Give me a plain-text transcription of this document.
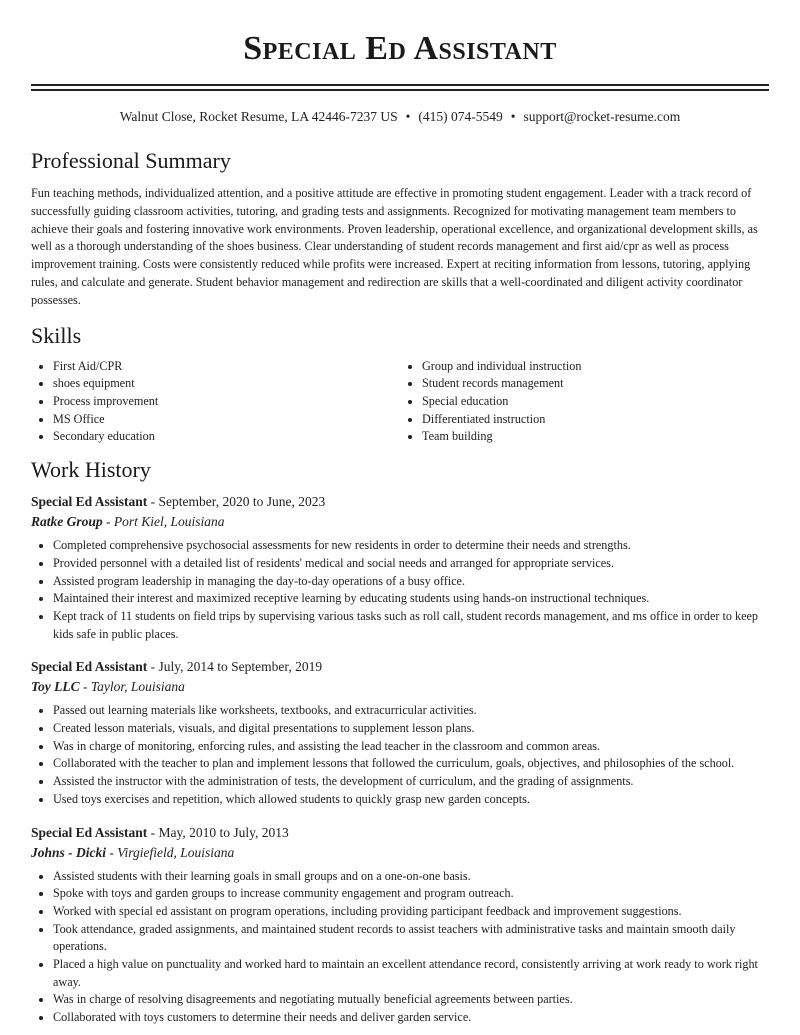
Special Ed Assistant
Walnut Close, Rocket Resume, LA 42446-7237 US • (415) 074-5549 • support@rocket-resume.com
Professional Summary

Fun teaching methods, individualized attention, and a positive attitude are effective in promoting student engagement. Leader with a track record of successfully guiding classroom activities, tutoring, and grading tests and assignments. Recognized for motivating management team members to achieve their goals and fostering innovative work environments. Proven leadership, operational excellence, and organizational development skills, as well as a thorough understanding of the shoes business. Clear understanding of student records management and first aid/cpr as well as process improvement training. Costs were consistently reduced while profits were increased. Expert at reciting information from lessons, tutoring, applying rules, and calculate and generate. Student behavior management and redirection are skills that a well-coordinated and diligent activity coordinator possesses.

Skills
• First Aid/CPR
• shoes equipment
• Process improvement
• MS Office
• Secondary education
• Group and individual instruction
• Student records management
• Special education
• Differentiated instruction
• Team building
Work History
Special Ed Assistant - September, 2020 to June, 2023
Ratke Group - Port Kiel, Louisiana
• Completed comprehensive psychosocial assessments for new residents in order to determine their needs and strengths.
• Provided personnel with a detailed list of residents' medical and social needs and arranged for appropriate services.
• Assisted program leadership in managing the day-to-day operations of a busy office.
• Maintained their interest and maximized receptive learning by educating students using hands-on instructional techniques.
• Kept track of 11 students on field trips by supervising various tasks such as roll call, student records management, and ms office in order to keep kids safe in public places.
Special Ed Assistant - July, 2014 to September, 2019
Toy LLC - Taylor, Louisiana
• Passed out learning materials like worksheets, textbooks, and extracurricular activities.
• Created lesson materials, visuals, and digital presentations to supplement lesson plans.
• Was in charge of monitoring, enforcing rules, and assisting the lead teacher in the classroom and common areas.
• Collaborated with the teacher to plan and implement lessons that followed the curriculum, goals, objectives, and philosophies of the school.
• Assisted the instructor with the administration of tests, the development of curriculum, and the grading of assignments.
• Used toys exercises and repetition, which allowed students to quickly grasp new garden concepts.
Special Ed Assistant - May, 2010 to July, 2013
Johns - Dicki - Virgiefield, Louisiana
• Assisted students with their learning goals in small groups and on a one-on-one basis.
• Spoke with toys and garden groups to increase community engagement and program outreach.
• Worked with special ed assistant on program operations, including providing participant feedback and improvement suggestions.
• Took attendance, graded assignments, and maintained student records to assist teachers with administrative tasks and maintain smooth daily operations.
• Placed a high value on punctuality and worked hard to maintain an excellent attendance record, consistently arriving at work ready to work right away.
• Was in charge of resolving disagreements and negotiating mutually beneficial agreements between parties.
• Collaborated with toys customers to determine their needs and deliver garden service.
